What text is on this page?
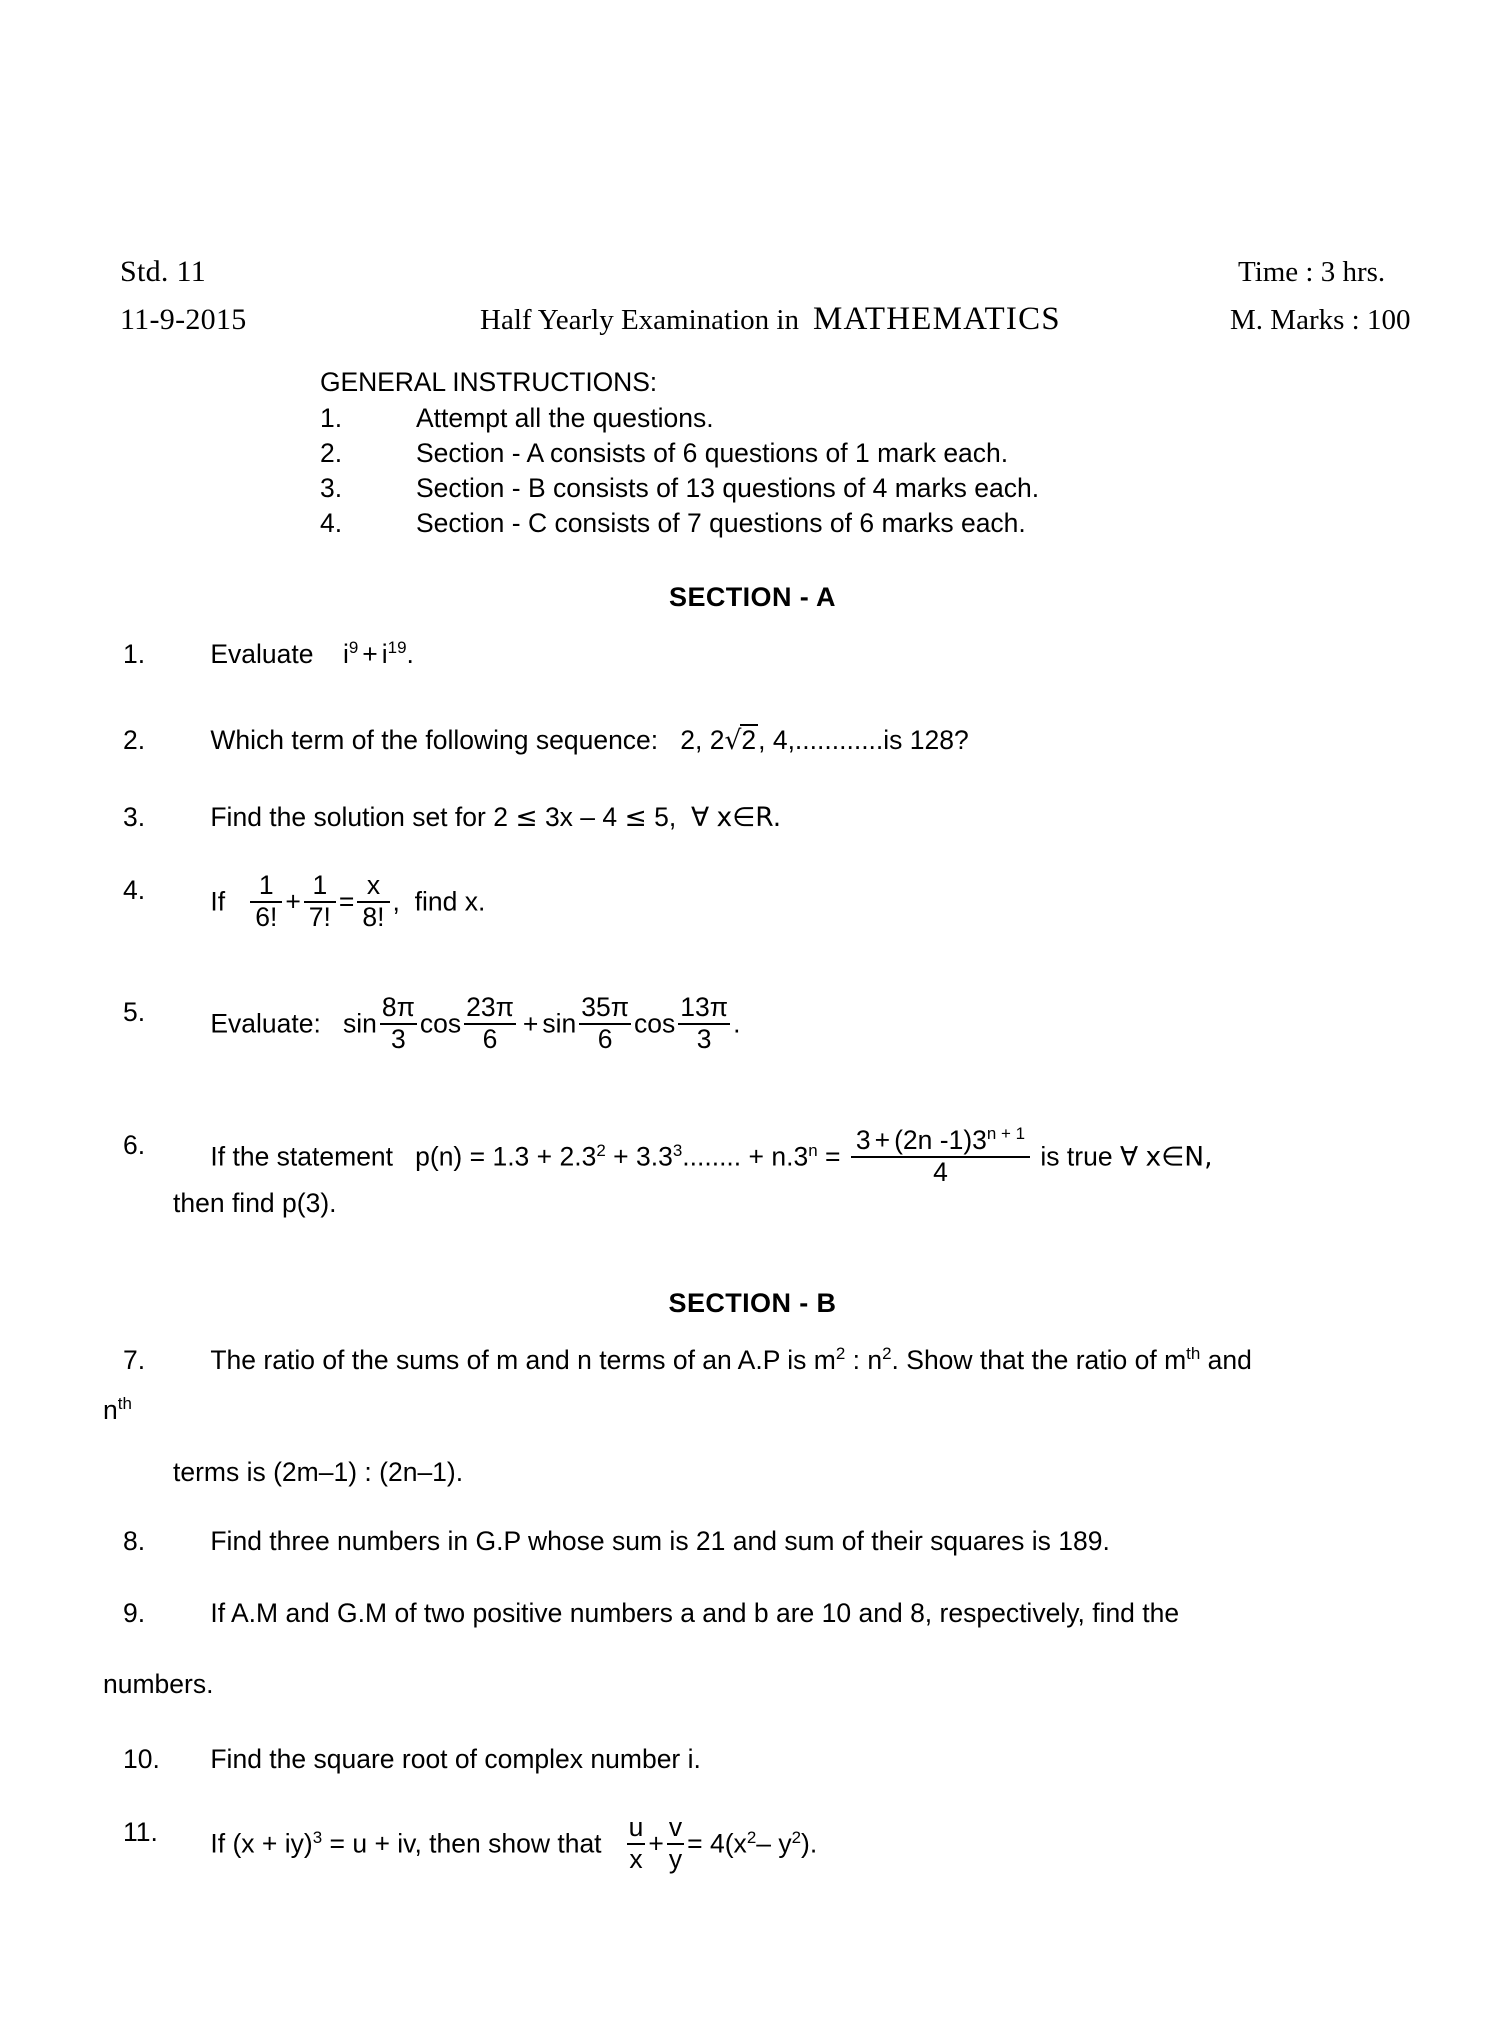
Std. 11	Time : 3 hrs.
11-9-2015	Half Yearly Examination in MATHEMATICS	M. Marks : 100
GENERAL INSTRUCTIONS:
1.	Attempt all the questions.
2.	Section - A consists of 6 questions of 1 mark each.
3.	Section - B consists of 13 questions of 4 marks each.
4.	Section - C consists of 7 questions of 6 marks each.
SECTION - A
1. Evaluate $i^9 + i^{19}$.
2. Which term of the following sequence: 2, 2√2, 4,............is 128?
3. Find the solution set for 2 ≤ 3x – 4 ≤ 5, ∀ x∈R.
4. If $\frac{1}{6!} + \frac{1}{7!} = \frac{x}{8!}$ , find x.
5. Evaluate: $\sin \frac{8\pi}{3}$ $\cos \frac{23\pi}{6} + \sin \frac{35\pi}{6}$ $\cos \frac{13\pi}{3}$ .
6. If the statement $p(n) = 1.3 + 2.3^2 + 3.3^3$........ + $n.3^n = \frac{3 + (2n -1)3^{n + 1}}{4}$ is true ∀ x∈N,
then find p(3).
SECTION - B
7. The ratio of the sums of m and n terms of an A.P is $m^2$ : $n^2$. Show that the ratio of $m^{th}$ and
$n^{th}$
terms is (2m–1) : (2n–1).
8. Find three numbers in G.P whose sum is 21 and sum of their squares is 189.
9. If A.M and G.M of two positive numbers a and b are 10 and 8, respectively, find the
numbers.
10. Find the square root of complex number i.
11. If (x + iy)$^3$ = u + iv, then show that $\frac{u}{x} + \frac{v}{y} = 4(x^2-$ $y^2$).
